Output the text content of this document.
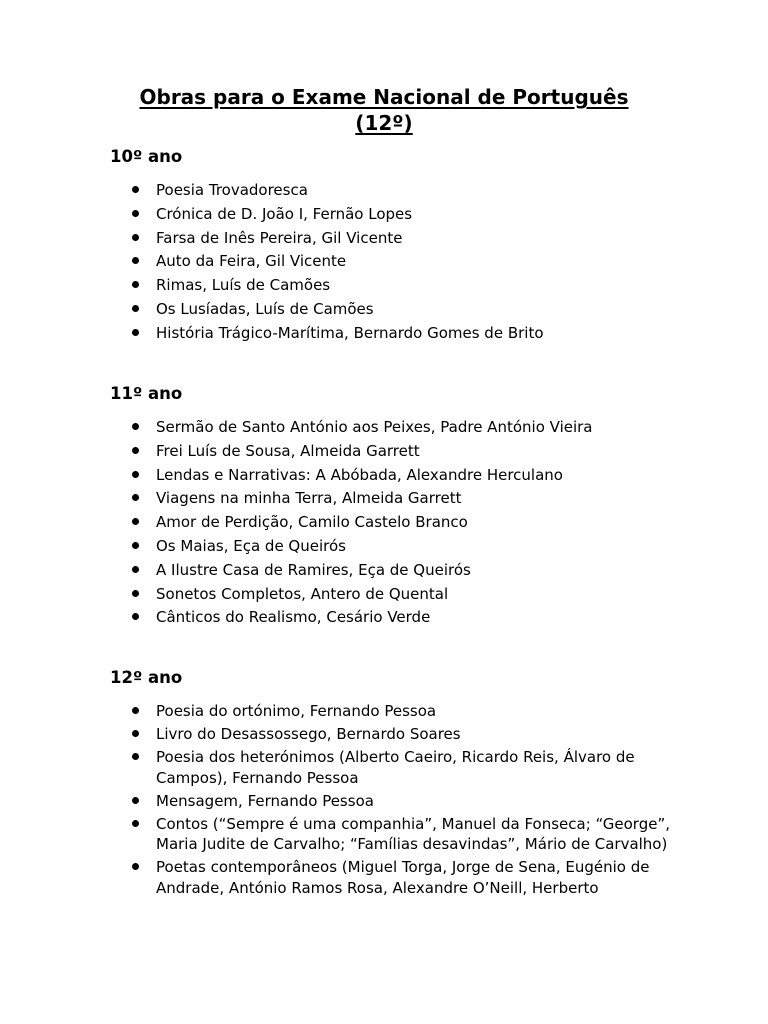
Obras para o Exame Nacional de Português (12º)
10º ano
Poesia Trovadoresca
Crónica de D. João I, Fernão Lopes
Farsa de Inês Pereira, Gil Vicente
Auto da Feira, Gil Vicente
Rimas, Luís de Camões
Os Lusíadas, Luís de Camões
História Trágico-Marítima, Bernardo Gomes de Brito
11º ano
Sermão de Santo António aos Peixes, Padre António Vieira
Frei Luís de Sousa, Almeida Garrett
Lendas e Narrativas: A Abóbada, Alexandre Herculano
Viagens na minha Terra, Almeida Garrett
Amor de Perdição, Camilo Castelo Branco
Os Maias, Eça de Queirós
A Ilustre Casa de Ramires, Eça de Queirós
Sonetos Completos, Antero de Quental
Cânticos do Realismo, Cesário Verde
12º ano
Poesia do ortónimo, Fernando Pessoa
Livro do Desassossego, Bernardo Soares
Poesia dos heterónimos (Alberto Caeiro, Ricardo Reis, Álvaro de Campos), Fernando Pessoa
Mensagem, Fernando Pessoa
Contos (“Sempre é uma companhia”, Manuel da Fonseca; “George”, Maria Judite de Carvalho; “Famílias desavindas”, Mário de Carvalho)
Poetas contemporâneos (Miguel Torga, Jorge de Sena, Eugénio de Andrade, António Ramos Rosa, Alexandre O’Neill, Herberto
